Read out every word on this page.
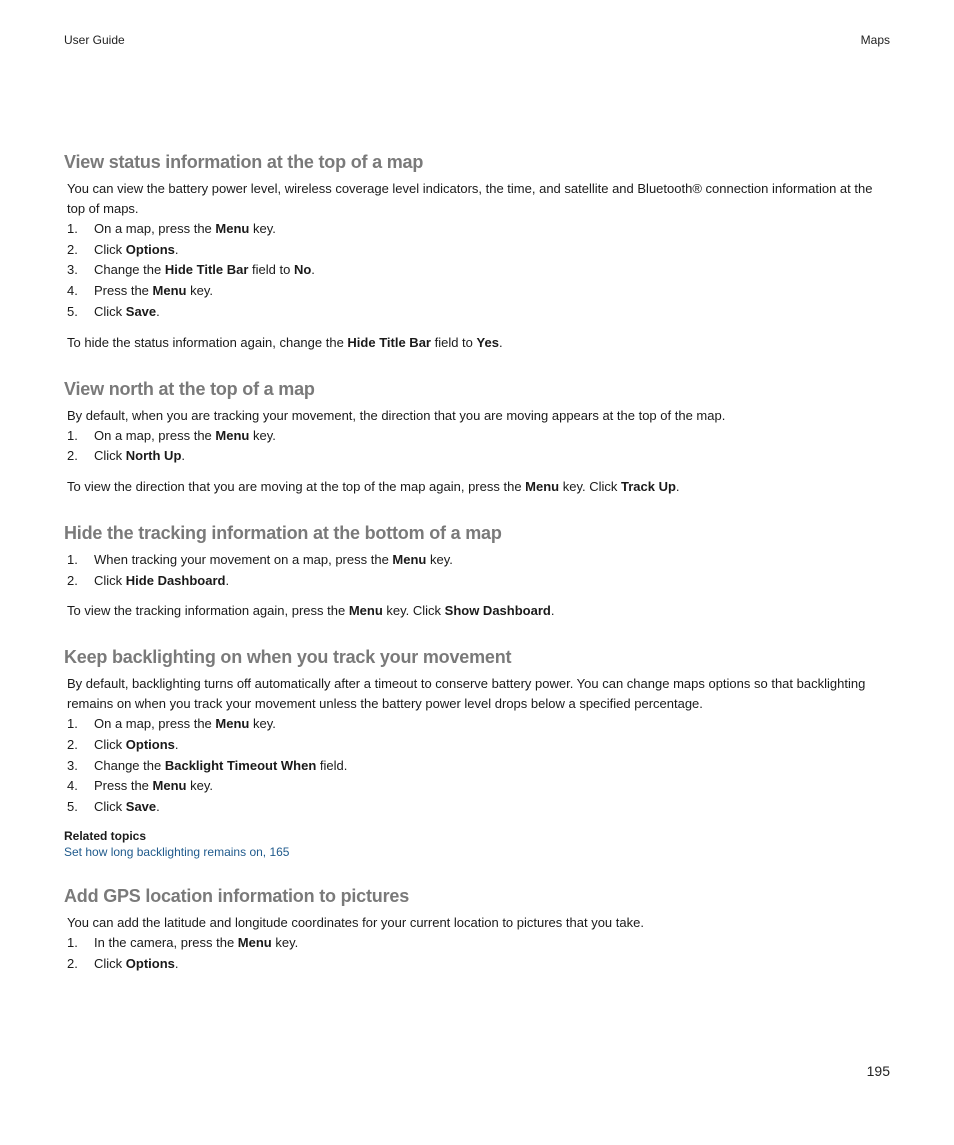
User Guide	Maps
View status information at the top of a map

You can view the battery power level, wireless coverage level indicators, the time, and satellite and Bluetooth® connection information at the top of maps.

1. On a map, press the Menu key.
2. Click Options.
3. Change the Hide Title Bar field to No.
4. Press the Menu key.
5. Click Save.

To hide the status information again, change the Hide Title Bar field to Yes.

View north at the top of a map

By default, when you are tracking your movement, the direction that you are moving appears at the top of the map.

1. On a map, press the Menu key.
2. Click North Up.

To view the direction that you are moving at the top of the map again, press the Menu key. Click Track Up.

Hide the tracking information at the bottom of a map
1. When tracking your movement on a map, press the Menu key.
2. Click Hide Dashboard.

To view the tracking information again, press the Menu key. Click Show Dashboard.

Keep backlighting on when you track your movement

By default, backlighting turns off automatically after a timeout to conserve battery power. You can change maps options so that backlighting remains on when you track your movement unless the battery power level drops below a specified percentage.

1. On a map, press the Menu key.
2. Click Options.
3. Change the Backlight Timeout When field.
4. Press the Menu key.
5. Click Save.
Related topics
Set how long backlighting remains on, 165
Add GPS location information to pictures

You can add the latitude and longitude coordinates for your current location to pictures that you take.

1. In the camera, press the Menu key.
2. Click Options.
195
